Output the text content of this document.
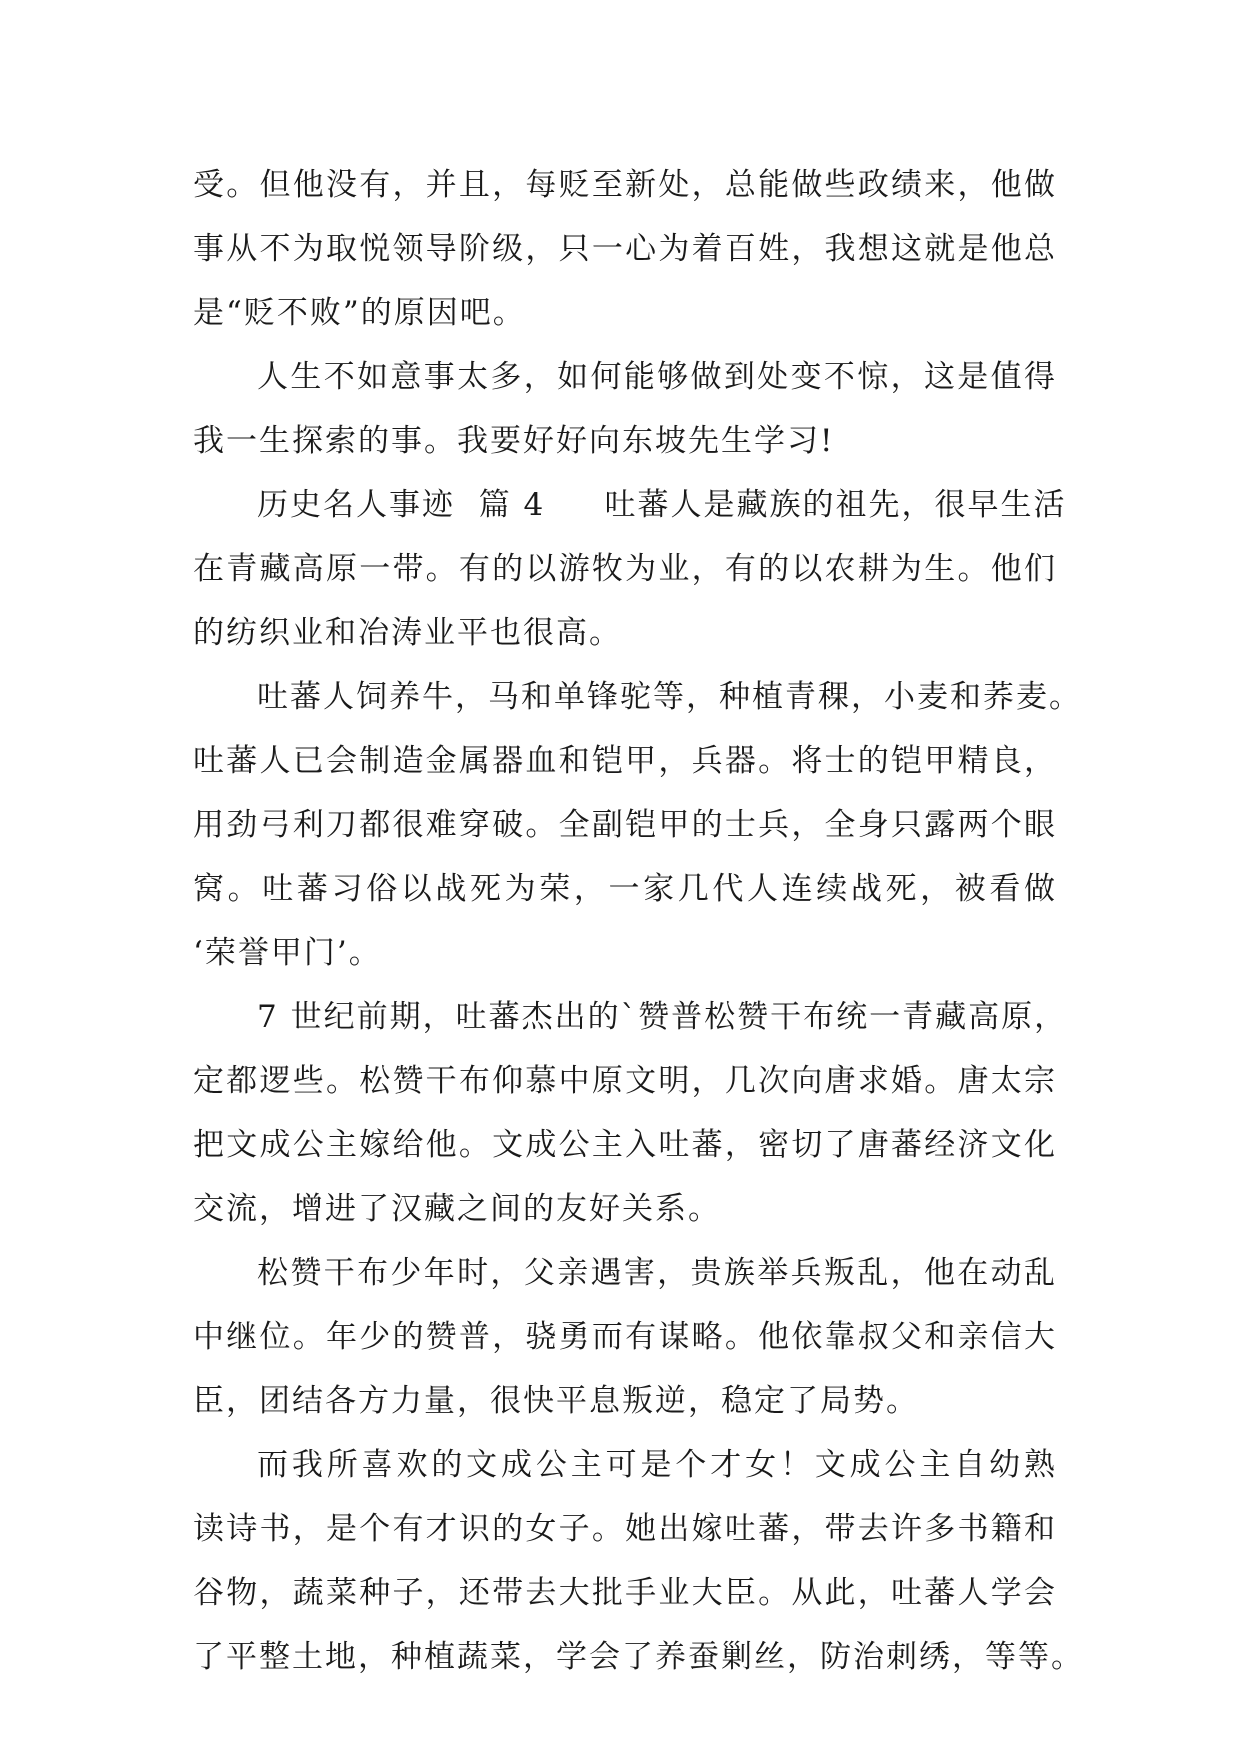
受。但他没有，并且，每贬至新处，总能做些政绩来，他做
事从不为取悦领导阶级，只一心为着百姓，我想这就是他总
是“贬不败”的原因吧。
人生不如意事太多，如何能够做到处变不惊，这是值得
我一生探索的事。我要好好向东坡先生学习!
历史名人事迹  篇 4     吐蕃人是藏族的祖先，很早生活
在青藏高原一带。有的以游牧为业，有的以农耕为生。他们
的纺织业和冶涛业平也很高。
吐蕃人饲养牛，马和单锋驼等，种植青稞，小麦和荞麦。
吐蕃人已会制造金属器血和铠甲，兵器。将士的铠甲精良，
用劲弓利刀都很难穿破。全副铠甲的士兵，全身只露两个眼
窝。吐蕃习俗以战死为荣，一家几代人连续战死，被看做
‘荣誉甲门’。
7 世纪前期，吐蕃杰出的`赞普松赞干布统一青藏高原，
定都逻些。松赞干布仰慕中原文明，几次向唐求婚。唐太宗
把文成公主嫁给他。文成公主入吐蕃，密切了唐蕃经济文化
交流，增进了汉藏之间的友好关系。
松赞干布少年时，父亲遇害，贵族举兵叛乱，他在动乱
中继位。年少的赞普，骁勇而有谋略。他依靠叔父和亲信大
臣，团结各方力量，很快平息叛逆，稳定了局势。
而我所喜欢的文成公主可是个才女！文成公主自幼熟
读诗书，是个有才识的女子。她出嫁吐蕃，带去许多书籍和
谷物，蔬菜种子，还带去大批手业大臣。从此，吐蕃人学会
了平整土地，种植蔬菜，学会了养蚕剿丝，防治刺绣，等等。
